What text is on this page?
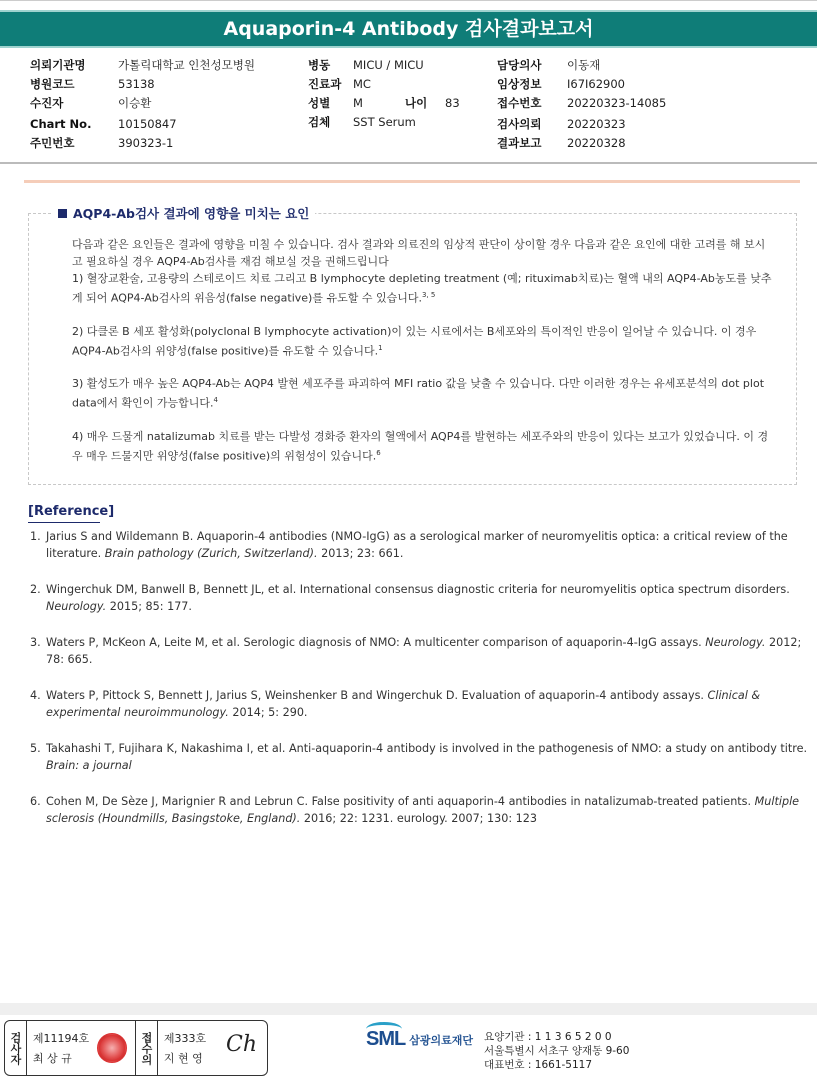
Aquaporin-4 Antibody 검사결과보고서
의뢰기관명	가톨릭대학교 인천성모병원
병원코드	53138
수진자	이승환
Chart No.	10150847
주민번호	390323-1
병동	MICU / MICU
진료과	MC
성별	M	나이	83
검체	SST Serum
담당의사	이동재
임상정보	I67I62900
접수번호	20220323-14085
검사의뢰	20220323
결과보고	20220328
AQP4-Ab검사 결과에 영향을 미치는 요인

다음과 같은 요인들은 결과에 영향을 미칠 수 있습니다. 검사 결과와 의료진의 임상적 판단이 상이할 경우 다음과 같은 요인에 대한 고려를 해 보시고 필요하실 경우 AQP4-Ab검사를 재검 해보실 것을 권해드립니다

1) 혈장교환술, 고용량의 스테로이드 치료 그리고 B lymphocyte depleting treatment (예; rituximab치료)는 혈액 내의 AQP4-Ab농도를 낮추게 되어 AQP4-Ab검사의 위음성(false negative)를 유도할 수 있습니다.$^{3, 5}$

2) 다클론 B 세포 활성화(polyclonal B lymphocyte activation)이 있는 시료에서는 B세포와의 특이적인 반응이 일어날 수 있습니다. 이 경우 AQP4-Ab검사의 위양성(false positive)를 유도할 수 있습니다.$^1$

3) 활성도가 매우 높은 AQP4-Ab는 AQP4 발현 세포주를 파괴하여 MFI ratio 값을 낮출 수 있습니다. 다만 이러한 경우는 유세포분석의 dot plot data에서 확인이 가능합니다.$^4$

4) 매우 드물게 natalizumab 치료를 받는 다발성 경화증 환자의 혈액에서 AQP4를 발현하는 세포주와의 반응이 있다는 보고가 있었습니다. 이 경우 매우 드물지만 위양성(false positive)의 위험성이 있습니다.$^6$

[Reference]
1. Jarius S and Wildemann B. Aquaporin-4 antibodies (NMO-IgG) as a serological marker of neuromyelitis optica: a critical review of the literature. Brain pathology (Zurich, Switzerland). 2013; 23: 661.
2. Wingerchuk DM, Banwell B, Bennett JL, et al. International consensus diagnostic criteria for neuromyelitis optica spectrum disorders. Neurology. 2015; 85: 177.
3. Waters P, McKeon A, Leite M, et al. Serologic diagnosis of NMO: A multicenter comparison of aquaporin-4-IgG assays. Neurology. 2012; 78: 665.
4. Waters P, Pittock S, Bennett J, Jarius S, Weinshenker B and Wingerchuk D. Evaluation of aquaporin-4 antibody assays. Clinical & experimental neuroimmunology. 2014; 5: 290.
5. Takahashi T, Fujihara K, Nakashima I, et al. Anti-aquaporin-4 antibody is involved in the pathogenesis of NMO: a study on antibody titre. Brain: a journal
6. Cohen M, De Sèze J, Marignier R and Lebrun C. False positivity of anti aquaporin-4 antibodies in natalizumab-treated patients. Multiple sclerosis (Houndmills, Basingstoke, England). 2016; 22: 1231. eurology. 2007; 130: 123
검사자 제11194호
최 상 규	접수의 제333호
지 현 영
Ch	SML 삼광의료재단 요양기관 : 1 1 3 6 5 2 0 0
서울특별시 서초구 양재동 9-60
대표번호 : 1661-5117
